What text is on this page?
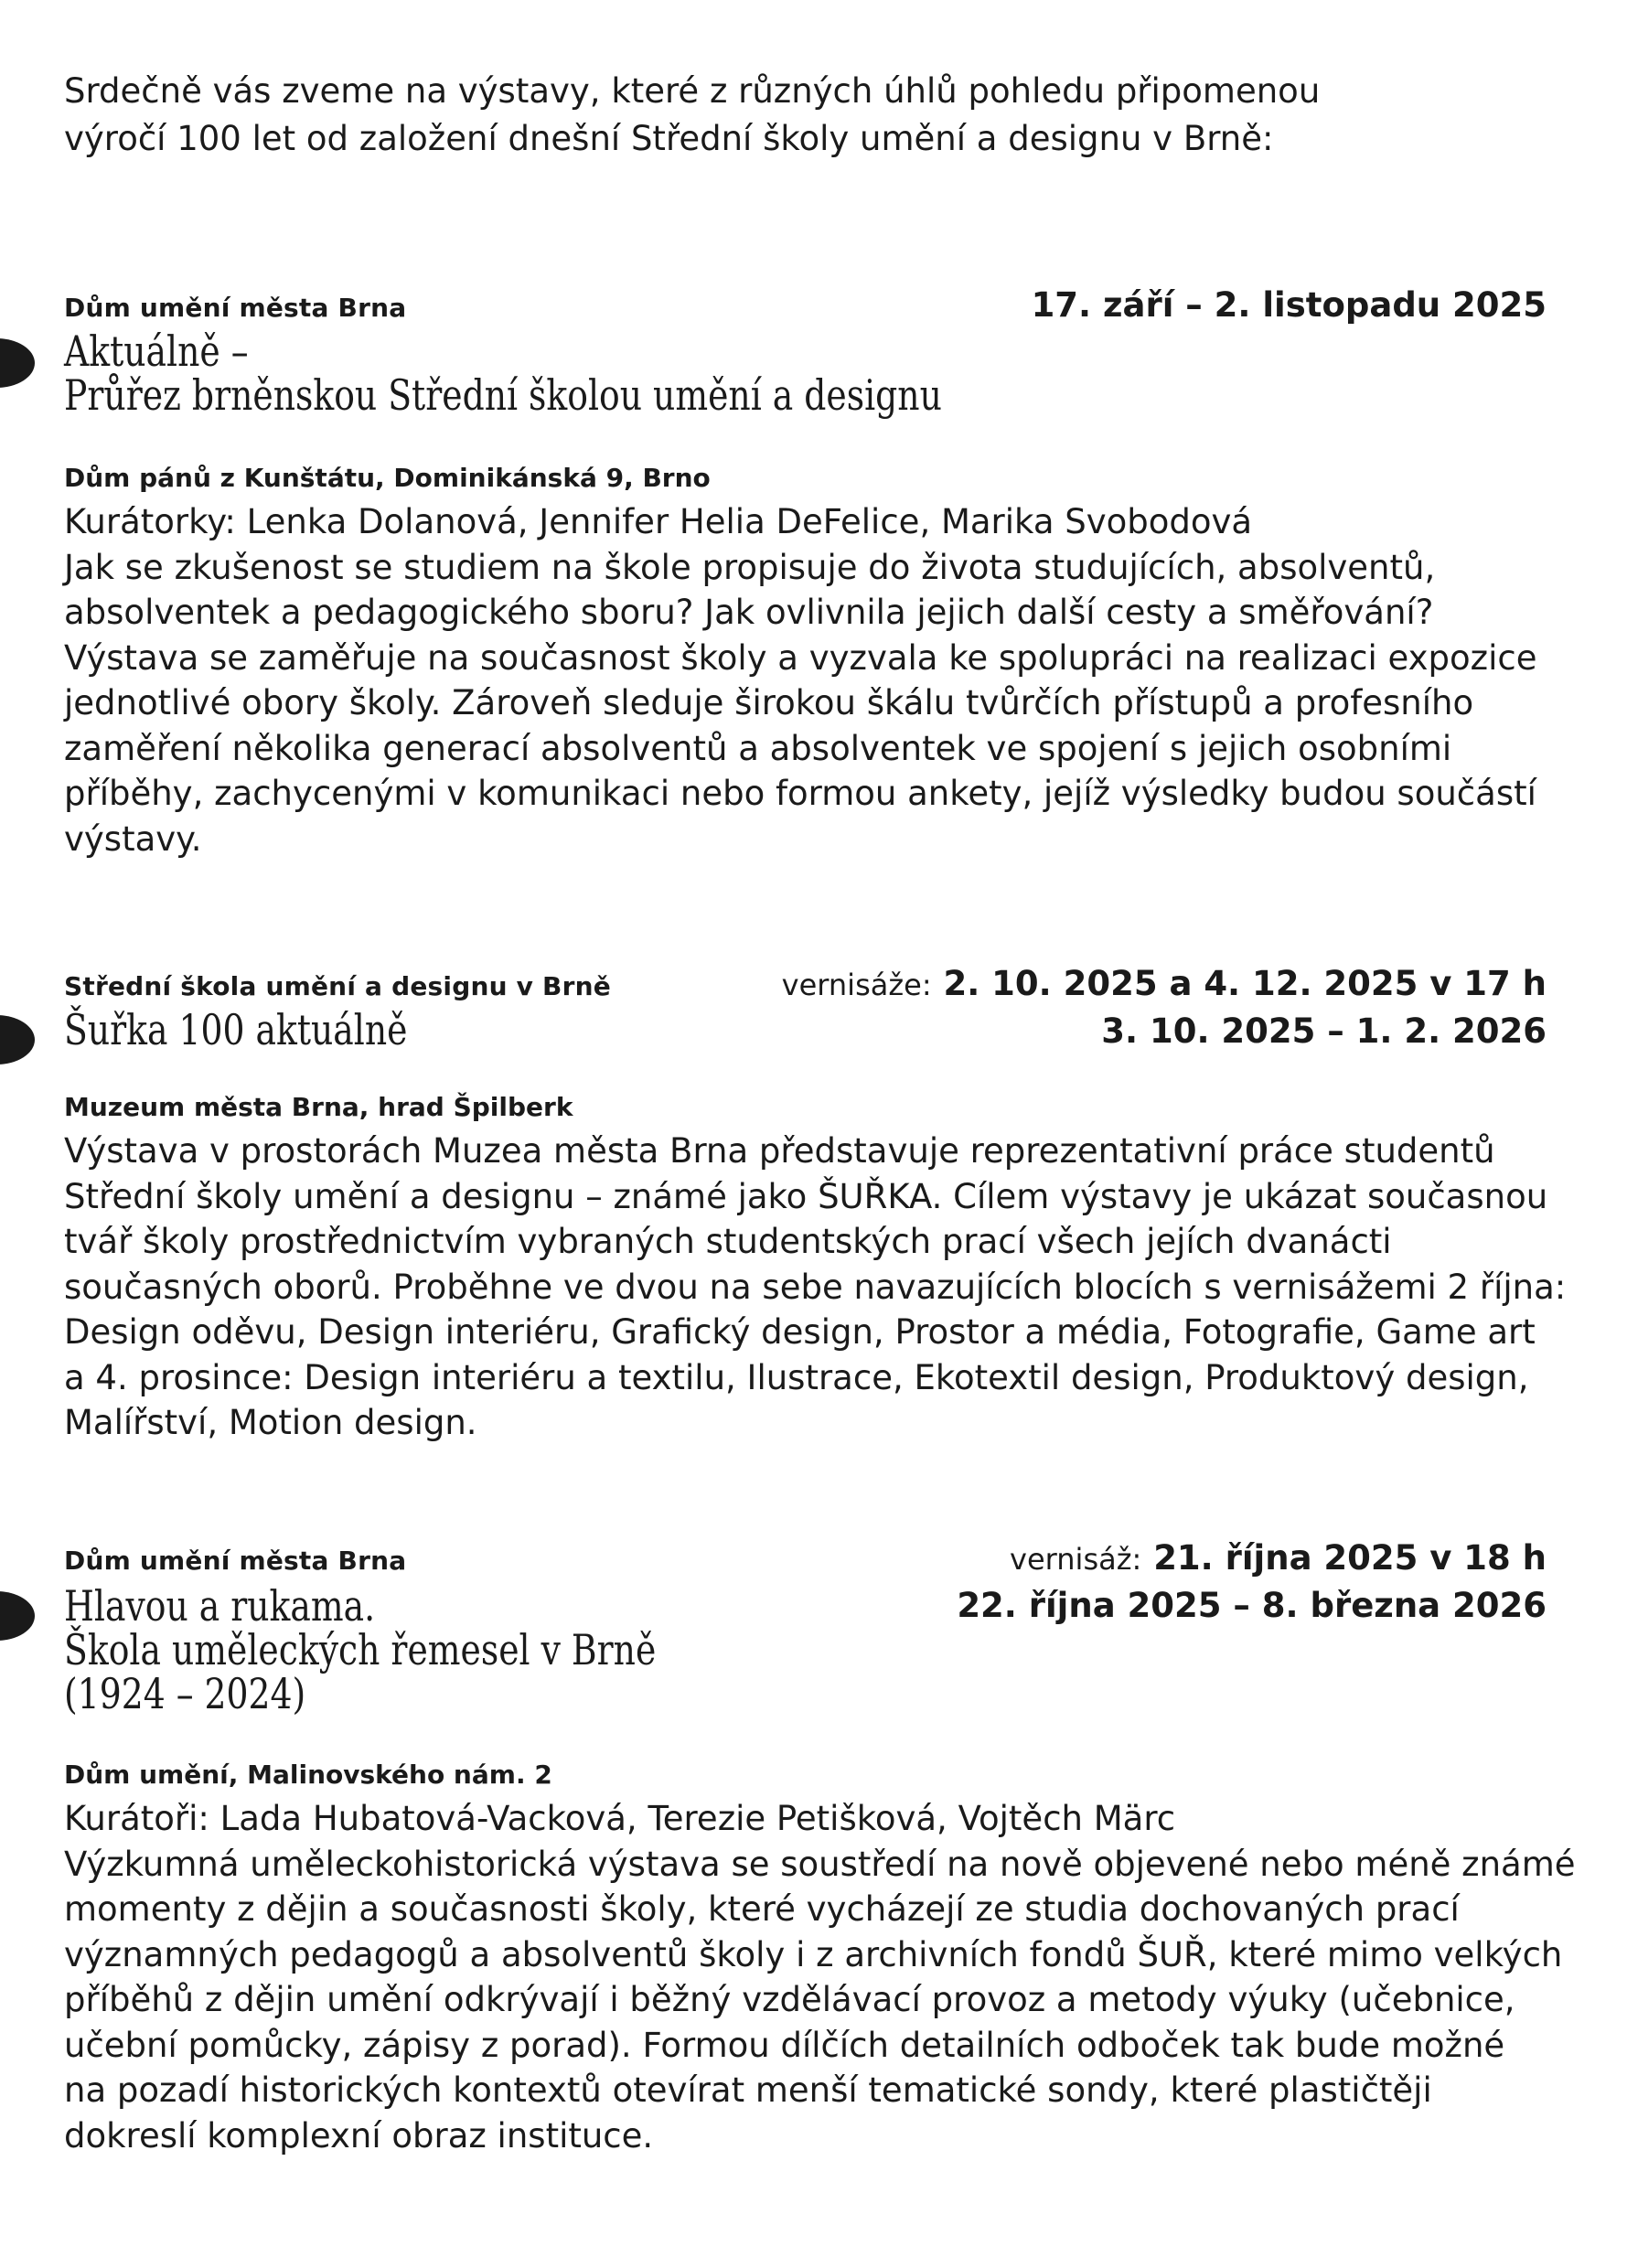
Srdečně vás zveme na výstavy, které z různých úhlů pohledu připomenou

výročí 100 let od založení dnešní Střední školy umění a designu v Brně:

Dům umění města Brna	17. září – 2. listopadu 2025
Aktuálně –
Průřez brněnskou Střední školou umění a designu
Dům pánů z Kunštátu, Dominikánská 9, Brno
Kurátorky: Lenka Dolanová, Jennifer Helia DeFelice, Marika Svobodová
Jak se zkušenost se studiem na škole propisuje do života studujících, absolventů,
absolventek a pedagogického sboru? Jak ovlivnila jejich další cesty a směřování?
Výstava se zaměřuje na současnost školy a vyzvala ke spolupráci na realizaci expozice
jednotlivé obory školy. Zároveň sleduje širokou škálu tvůrčích přístupů a profesního
zaměření několika generací absolventů a absolventek ve spojení s jejich osobními
příběhy, zachycenými v komunikaci nebo formou ankety, jejíž výsledky budou součástí
výstavy.
Střední škola umění a designu v Brně	vernisáže: 2. 10. 2025 a 4. 12. 2025 v 17 h
3. 10. 2025 – 1. 2. 2026
Šuřka 100 aktuálně
Muzeum města Brna, hrad Špilberk
Výstava v prostorách Muzea města Brna představuje reprezentativní práce studentů
Střední školy umění a designu – známé jako ŠUŘKA. Cílem výstavy je ukázat současnou
tvář školy prostřednictvím vybraných studentských prací všech jejích dvanácti
současných oborů. Proběhne ve dvou na sebe navazujících blocích s vernisážemi 2 října:
Design oděvu, Design interiéru, Grafický design, Prostor a média, Fotografie, Game art
a 4. prosince: Design interiéru a textilu, Ilustrace, Ekotextil design, Produktový design,
Malířství, Motion design.
Dům umění města Brna	vernisáž: 21. října 2025 v 18 h
22. října 2025 – 8. března 2026
Hlavou a rukama.
Škola uměleckých řemesel v Brně
(1924 – 2024)
Dům umění, Malinovského nám. 2
Kurátoři: Lada Hubatová-Vacková, Terezie Petišková, Vojtěch Märc
Výzkumná uměleckohistorická výstava se soustředí na nově objevené nebo méně známé
momenty z dějin a současnosti školy, které vycházejí ze studia dochovaných prací
významných pedagogů a absolventů školy i z archivních fondů ŠUŘ, které mimo velkých
příběhů z dějin umění odkrývají i běžný vzdělávací provoz a metody výuky (učebnice,
učební pomůcky, zápisy z porad). Formou dílčích detailních odboček tak bude možné
na pozadí historických kontextů otevírat menší tematické sondy, které plastičtěji
dokreslí komplexní obraz instituce.
